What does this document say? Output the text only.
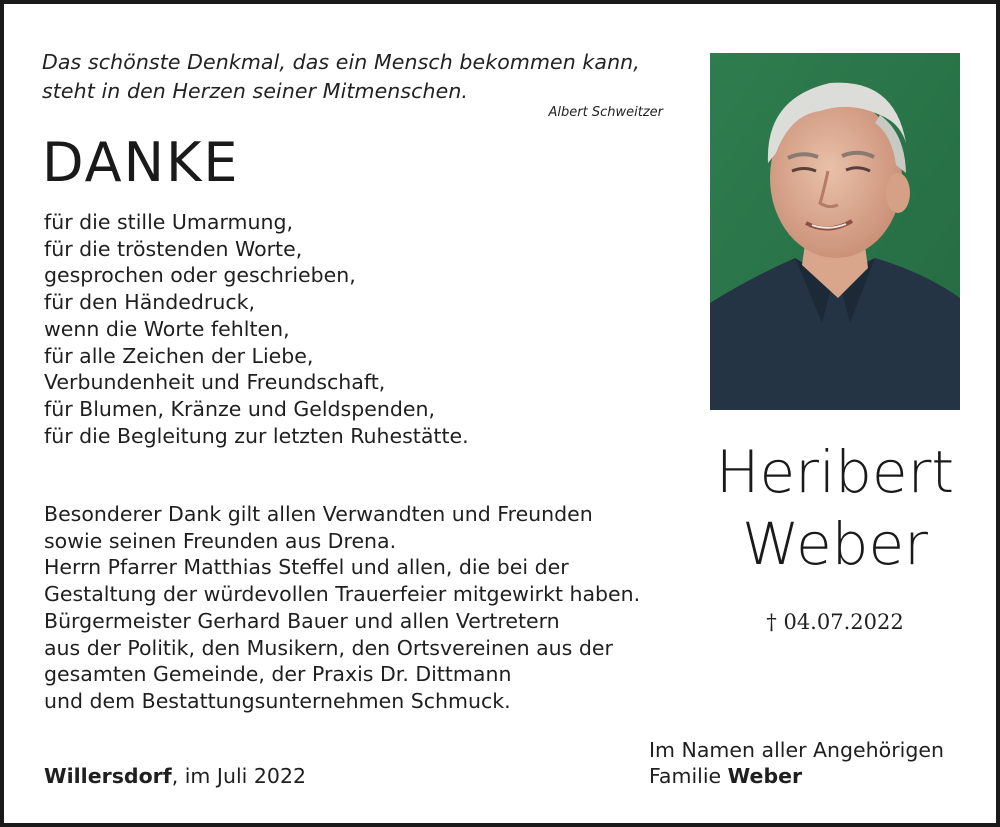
Das schönste Denkmal, das ein Mensch bekommen kann,
steht in den Herzen seiner Mitmenschen.
Albert Schweitzer
DANKE
für die stille Umarmung,
für die tröstenden Worte,
gesprochen oder geschrieben,
für den Händedruck,
wenn die Worte fehlten,
für alle Zeichen der Liebe,
Verbundenheit und Freundschaft,
für Blumen, Kränze und Geldspenden,
für die Begleitung zur letzten Ruhestätte.
Besonderer Dank gilt allen Verwandten und Freunden
sowie seinen Freunden aus Drena.
Herrn Pfarrer Matthias Steffel und allen, die bei der
Gestaltung der würdevollen Trauerfeier mitgewirkt haben.
Bürgermeister Gerhard Bauer und allen Vertretern
aus der Politik, den Musikern, den Ortsvereinen aus der
gesamten Gemeinde, der Praxis Dr. Dittmann
und dem Bestattungsunternehmen Schmuck.
Willersdorf, im Juli 2022
Heribert
Weber
† 04.07.2022
Im Namen aller Angehörigen
Familie Weber
